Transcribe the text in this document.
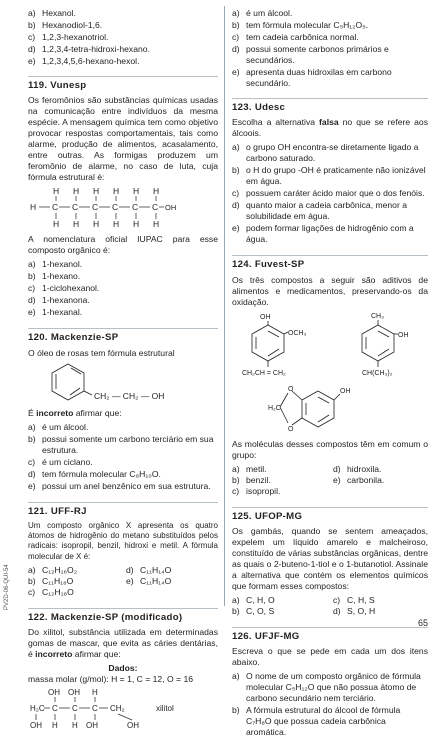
a) Hexanol.
b) Hexanodiol-1,6.
c) 1,2,3-hexanotriol.
d) 1,2,3,4-tetra-hidroxi-hexano.
e) 1,2,3,4,5,6-hexano-hexol.
119. Vunesp
Os feromônios são substâncias químicas usadas na comunicação entre indivíduos da mesma espécie. A mensagem química tem como objetivo provocar respostas comportamentais, tais como alarme, produção de alimentos, acasalamento, entre outras. As formigas produzem um feromônio de alarme, no caso de luta, cuja fórmula estrutural é:
H H H H H H
H C C C C C C OH
H H H H H H
A nomenclatura oficial IUPAC para esse composto orgânico é:
a) 1-hexanol.
b) 1-hexano.
c) 1-ciclohexanol.
d) 1-hexanona.
e) 1-hexanal.
120. Mackenzie-SP
O óleo de rosas tem fórmula estrutural
CH₂ — CH₂ — OH
É incorreto afirmar que:
a) é um álcool.
b) possui somente um carbono terciário em sua estrutura.
c) é um ciclano.
d) tem fórmula molecular C₈H₁₀O.
e) possui um anel benzênico em sua estrutura.
121. UFF-RJ
Um composto orgânico X apresenta os quatro átomos de hidrogênio do metano substituídos pelos radicais: isopropil, benzil, hidroxi e metil. A fórmula molecular de X é:
a) C₁₂H₁₆O₂	d) C₁₁H₁₄O
b) C₁₁H₁₆O	e) C₁₁H₁₄O
c) C₁₂H₁₈O
122. Mackenzie-SP (modificado)
Do xilitol, substância utilizada em determinadas gomas de mascar, que evita as cáries dentárias, é incorreto afirmar que:
Dados:
massa molar (g/mol): H = 1, C = 12, O = 16
OH OH H
H₂C C C C CH₂
OH
H H OH
OH
xilitol
a) é um álcool.
b) tem fórmula molecular C₅H₁₂O₅.
c) tem cadeia carbônica normal.
d) possui somente carbonos primários e secundários.
e) apresenta duas hidroxilas em carbono secundário.
123. Udesc
Escolha a alternativa falsa no que se refere aos álcoois.
a) o grupo OH encontra-se diretamente ligado a carbono saturado.
b) o H do grupo -OH é praticamente não ionizável em água.
c) possuem caráter ácido maior que o dos fenóis.
d) quanto maior a cadeia carbônica, menor a solubilidade em água.
e) podem formar ligações de hidrogênio com a água.
124. Fuvest-SP
Os três compostos a seguir são aditivos de alimentos e medicamentos, preservando-os da oxidação.
OH
OCH₃
CH₂CH = CH₂
CH₃
OH
CH(CH₃)₂
O
O
H₂C
OH
As moléculas desses compostos têm em comum o grupo:
a) metil.	d) hidroxila.
b) benzil.	e) carbonila.
c) isopropil.
125. UFOP-MG
Os gambás, quando se sentem ameaçados, expelem um líquido amarelo e malcheiroso, constituído de várias substâncias orgânicas, dentre as quais o 2-buteno-1-tiol e o 1-butanotiol. Assinale a alternativa que contém os elementos químicos que formam esses compostos:
a) C, H, O	c) C, H, S
b) C, O, S	d) S, O, H
126. UFJF-MG
Escreva o que se pede em cada um dos itens abaixo.
a) O nome de um composto orgânico de fórmula molecular C₅H₁₂O que não possua átomo de carbono secundário nem terciário.
b) A fórmula estrutural do álcool de fórmula C₇H₈O que possua cadeia carbônica aromática.
PV2D-06-QUI-54
65
